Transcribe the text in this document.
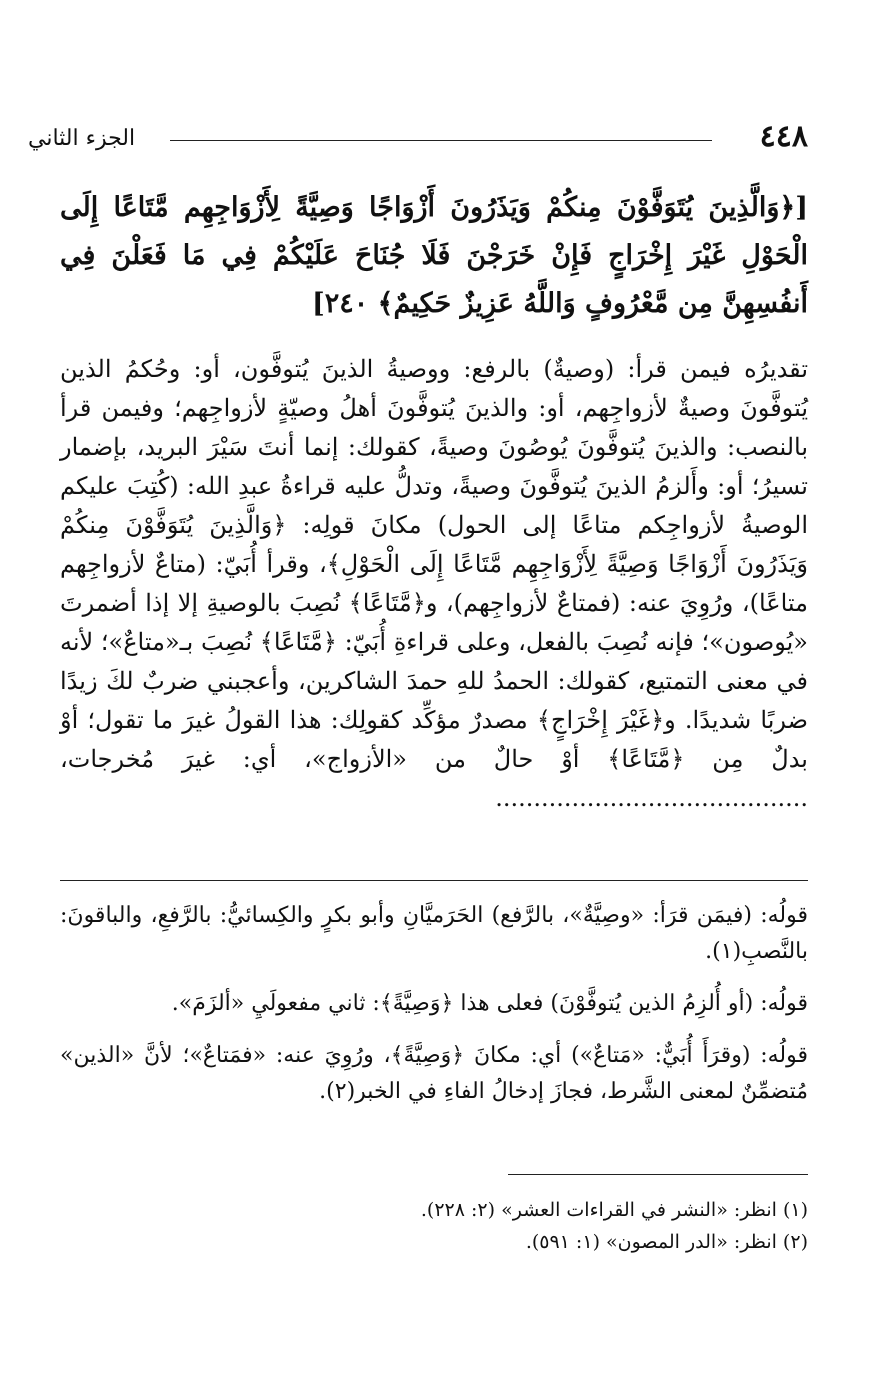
٤٤٨
الجزء الثاني

[﴿وَالَّذِينَ يُتَوَفَّوْنَ مِنكُمْ وَيَذَرُونَ أَزْوَاجًا وَصِيَّةً لِأَزْوَاجِهِم مَّتَاعًا إِلَى الْحَوْلِ غَيْرَ إِخْرَاجٍ فَإِنْ خَرَجْنَ فَلَا جُنَاحَ عَلَيْكُمْ فِي مَا فَعَلْنَ فِي أَنفُسِهِنَّ مِن مَّعْرُوفٍ وَاللَّهُ عَزِيزٌ حَكِيمٌ﴾ ٢٤٠]

تقديرُه فيمن قرأ: (وصيةٌ) بالرفع: ووصيةُ الذينَ يُتوفَّون، أو: وحُكمُ الذين يُتوفَّونَ وصيةٌ لأزواجِهم، أو: والذينَ يُتوفَّونَ أهلُ وصيّةٍ لأزواجِهم؛ وفيمن قرأ بالنصب: والذينَ يُتوفَّونَ يُوصُونَ وصيةً، كقولك: إنما أنتَ سَيْرَ البريد، بإضمار تسيرُ؛ أو: وأَلزمُ الذينَ يُتوفَّونَ وصيةً، وتدلُّ عليه قراءةُ عبدِ الله: (كُتِبَ عليكم الوصيةُ لأزواجِكم متاعًا إلى الحول) مكانَ قولِه: ﴿وَالَّذِينَ يُتَوَفَّوْنَ مِنكُمْ وَيَذَرُونَ أَزْوَاجًا وَصِيَّةً لِأَزْوَاجِهِم مَّتَاعًا إِلَى الْحَوْلِ﴾، وقرأ أُبَيّ: (متاعٌ لأزواجِهم متاعًا)، ورُوِيَ عنه: (فمتاعٌ لأزواجِهم)، و﴿مَّتَاعًا﴾ نُصِبَ بالوصيةِ إلا إذا أضمرتَ «يُوصون»؛ فإنه نُصِبَ بالفعل، وعلى قراءةِ أُبَيّ: ﴿مَّتَاعًا﴾ نُصِبَ بـ«متاعٌ»؛ لأنه في معنى التمتيع، كقولك: الحمدُ للهِ حمدَ الشاكرين، وأعجبني ضربٌ لكَ زيدًا ضربًا شديدًا. و﴿غَيْرَ إِخْرَاجٍ﴾ مصدرٌ مؤكِّد كقولِك: هذا القولُ غيرَ ما تقول؛ أوْ بدلٌ مِن ﴿مَّتَاعًا﴾ أوْ حالٌ من «الأزواج»، أي: غيرَ مُخرجات، .........................................

قولُه: (فيمَن قرَأ: «وصِيَّةٌ»، بالرَّفع) الحَرَميَّانِ وأبو بكرٍ والكِسائيُّ: بالرَّفعِ، والباقونَ: بالنَّصبِ(١).

قولُه: (أو أُلزِمُ الذين يُتوفَّوْنَ) فعلى هذا ﴿وَصِيَّةً﴾: ثاني مفعولَيِ «ألزَمَ».

قولُه: (وقرَأَ أُبَيٌّ: «مَتاعٌ») أي: مكانَ ﴿وَصِيَّةً﴾، ورُوِيَ عنه: «فمَتاعٌ»؛ لأنَّ «الذين» مُتضمِّنٌ لمعنى الشَّرط، فجازَ إدخالُ الفاءِ في الخبر(٢).

(١) انظر: «النشر في القراءات العشر» (٢: ٢٢٨).

(٢) انظر: «الدر المصون» (١: ٥٩١).
